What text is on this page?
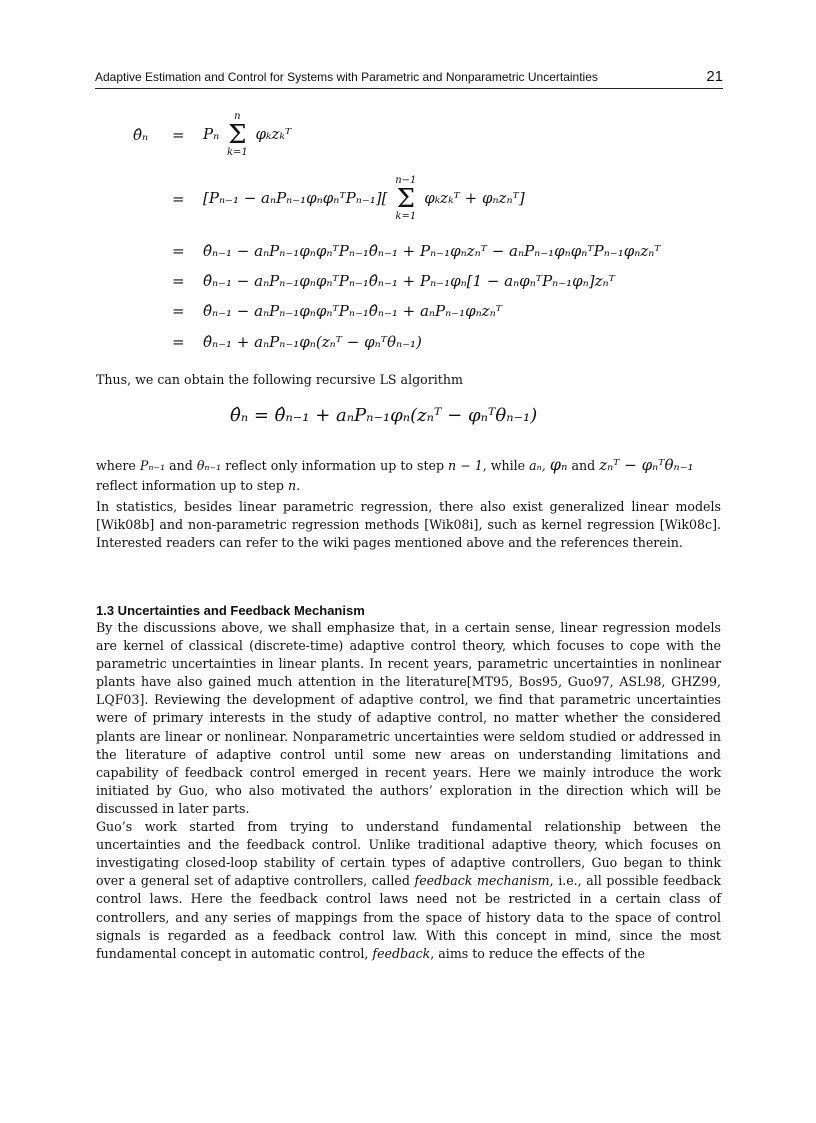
Adaptive Estimation and Control for Systems with Parametric and Nonparametric Uncertainties	21
θ̂ₙ = Pₙ
n
Σ
k=1
φₖzₖᵀ
= [Pₙ₋₁ − aₙPₙ₋₁φₙφₙᵀPₙ₋₁][
n−1
Σ
k=1
φₖzₖᵀ + φₙzₙᵀ]
= θ̂ₙ₋₁ − aₙPₙ₋₁φₙφₙᵀPₙ₋₁θ̂ₙ₋₁ + Pₙ₋₁φₙzₙᵀ − aₙPₙ₋₁φₙφₙᵀPₙ₋₁φₙzₙᵀ
= θ̂ₙ₋₁ − aₙPₙ₋₁φₙφₙᵀPₙ₋₁θ̂ₙ₋₁ + Pₙ₋₁φₙ[1 − aₙφₙᵀPₙ₋₁φₙ]zₙᵀ
= θ̂ₙ₋₁ − aₙPₙ₋₁φₙφₙᵀPₙ₋₁θ̂ₙ₋₁ + aₙPₙ₋₁φₙzₙᵀ
= θ̂ₙ₋₁ + aₙPₙ₋₁φₙ(zₙᵀ − φₙᵀθₙ₋₁)
Thus, we can obtain the following recursive LS algorithm
θ̂ₙ = θ̂ₙ₋₁ + aₙPₙ₋₁φₙ(zₙᵀ − φₙᵀθₙ₋₁)

where Pₙ₋₁ and θₙ₋₁ reflect only information up to step n − 1, while aₙ, φₙ and zₙᵀ − φₙᵀθₙ₋₁

reflect information up to step n.

In statistics, besides linear parametric regression, there also exist generalized linear models [Wik08b] and non-parametric regression methods [Wik08i], such as kernel regression [Wik08c]. Interested readers can refer to the wiki pages mentioned above and the references therein.
1.3 Uncertainties and Feedback Mechanism

By the discussions above, we shall emphasize that, in a certain sense, linear regression models are kernel of classical (discrete-time) adaptive control theory, which focuses to cope with the parametric uncertainties in linear plants. In recent years, parametric uncertainties in nonlinear plants have also gained much attention in the literature[MT95, Bos95, Guo97, ASL98, GHZ99, LQF03]. Reviewing the development of adaptive control, we find that parametric uncertainties were of primary interests in the study of adaptive control, no matter whether the considered plants are linear or nonlinear. Nonparametric uncertainties were seldom studied or addressed in the literature of adaptive control until some new areas on understanding limitations and capability of feedback control emerged in recent years. Here we mainly introduce the work initiated by Guo, who also motivated the authors’ exploration in the direction which will be discussed in later parts.

Guo’s work started from trying to understand fundamental relationship between the uncertainties and the feedback control. Unlike traditional adaptive theory, which focuses on investigating closed-loop stability of certain types of adaptive controllers, Guo began to think over a general set of adaptive controllers, called feedback mechanism, i.e., all possible feedback control laws. Here the feedback control laws need not be restricted in a certain class of controllers, and any series of mappings from the space of history data to the space of control signals is regarded as a feedback control law. With this concept in mind, since the most fundamental concept in automatic control, feedback, aims to reduce the effects of the
